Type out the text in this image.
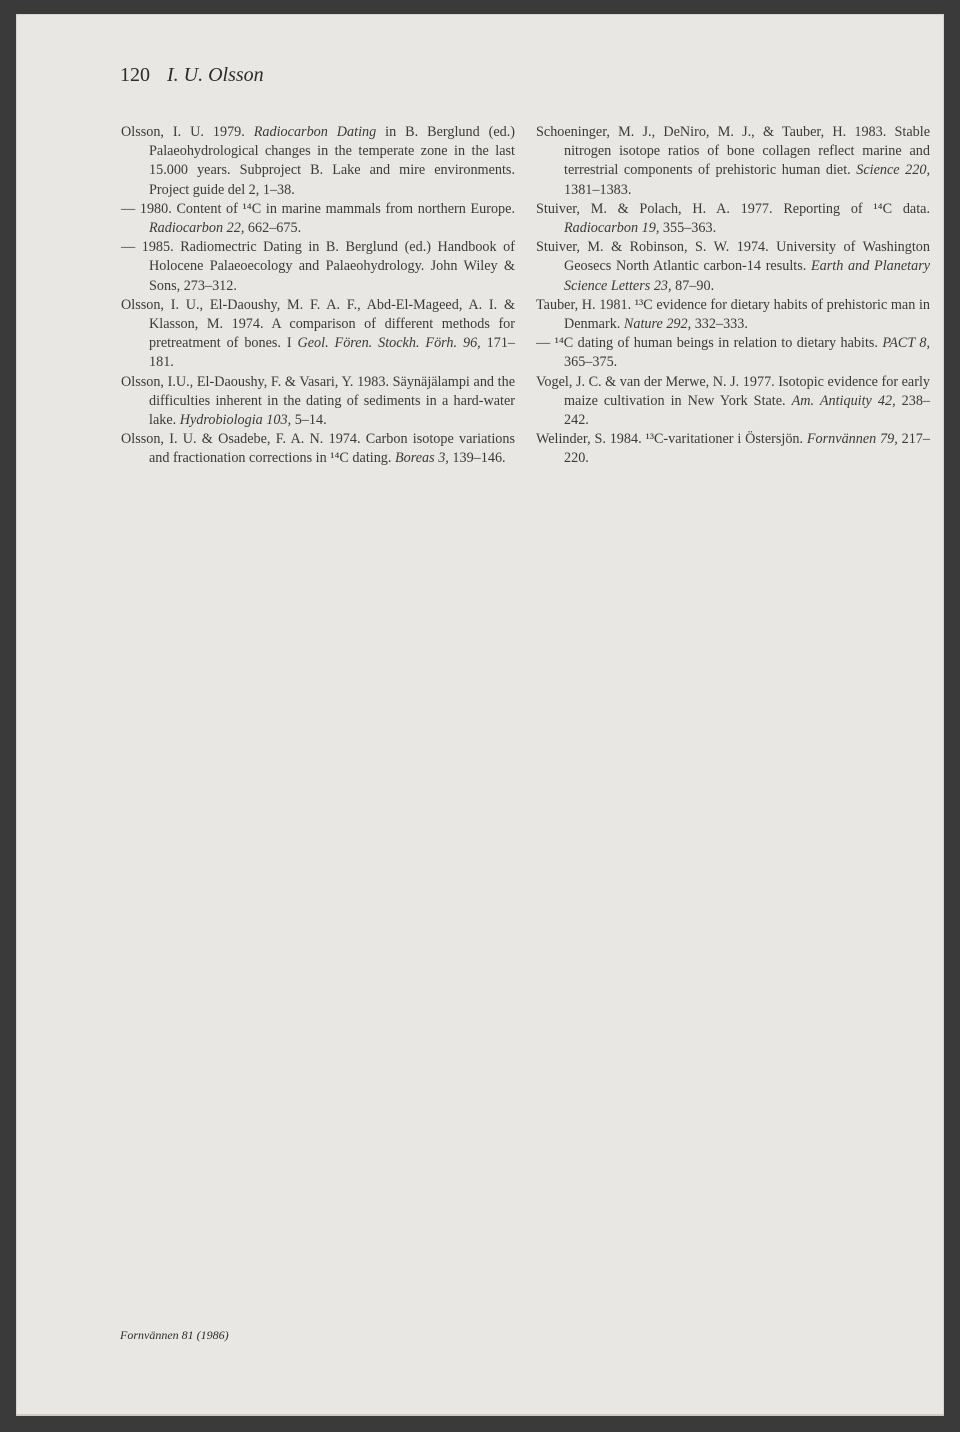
120 I. U. Olsson

Olsson, I. U. 1979. Radiocarbon Dating in B. Berglund (ed.) Palaeohydrological changes in the temperate zone in the last 15.000 years. Subproject B. Lake and mire environments. Project guide del 2, 1–38.

— 1980. Content of ¹⁴C in marine mammals from northern Europe. Radiocarbon 22, 662–675.

— 1985. Radiomectric Dating in B. Berglund (ed.) Handbook of Holocene Palaeoecology and Palaeohydrology. John Wiley & Sons, 273–312.

Olsson, I. U., El-Daoushy, M. F. A. F., Abd-El-Mageed, A. I. & Klasson, M. 1974. A comparison of different methods for pretreatment of bones. I Geol. Fören. Stockh. Förh. 96, 171–181.

Olsson, I.U., El-Daoushy, F. & Vasari, Y. 1983. Säynäjälampi and the difficulties inherent in the dating of sediments in a hard-water lake. Hydrobiologia 103, 5–14.

Olsson, I. U. & Osadebe, F. A. N. 1974. Carbon isotope variations and fractionation corrections in ¹⁴C dating. Boreas 3, 139–146.

Schoeninger, M. J., DeNiro, M. J., & Tauber, H. 1983. Stable nitrogen isotope ratios of bone collagen reflect marine and terrestrial components of prehistoric human diet. Science 220, 1381–1383.

Stuiver, M. & Polach, H. A. 1977. Reporting of ¹⁴C data. Radiocarbon 19, 355–363.

Stuiver, M. & Robinson, S. W. 1974. University of Washington Geosecs North Atlantic carbon-14 results. Earth and Planetary Science Letters 23, 87–90.

Tauber, H. 1981. ¹³C evidence for dietary habits of prehistoric man in Denmark. Nature 292, 332–333.

— ¹⁴C dating of human beings in relation to dietary habits. PACT 8, 365–375.

Vogel, J. C. & van der Merwe, N. J. 1977. Isotopic evidence for early maize cultivation in New York State. Am. Antiquity 42, 238–242.

Welinder, S. 1984. ¹³C-varitationer i Östersjön. Fornvännen 79, 217–220.

Fornvännen 81 (1986)
